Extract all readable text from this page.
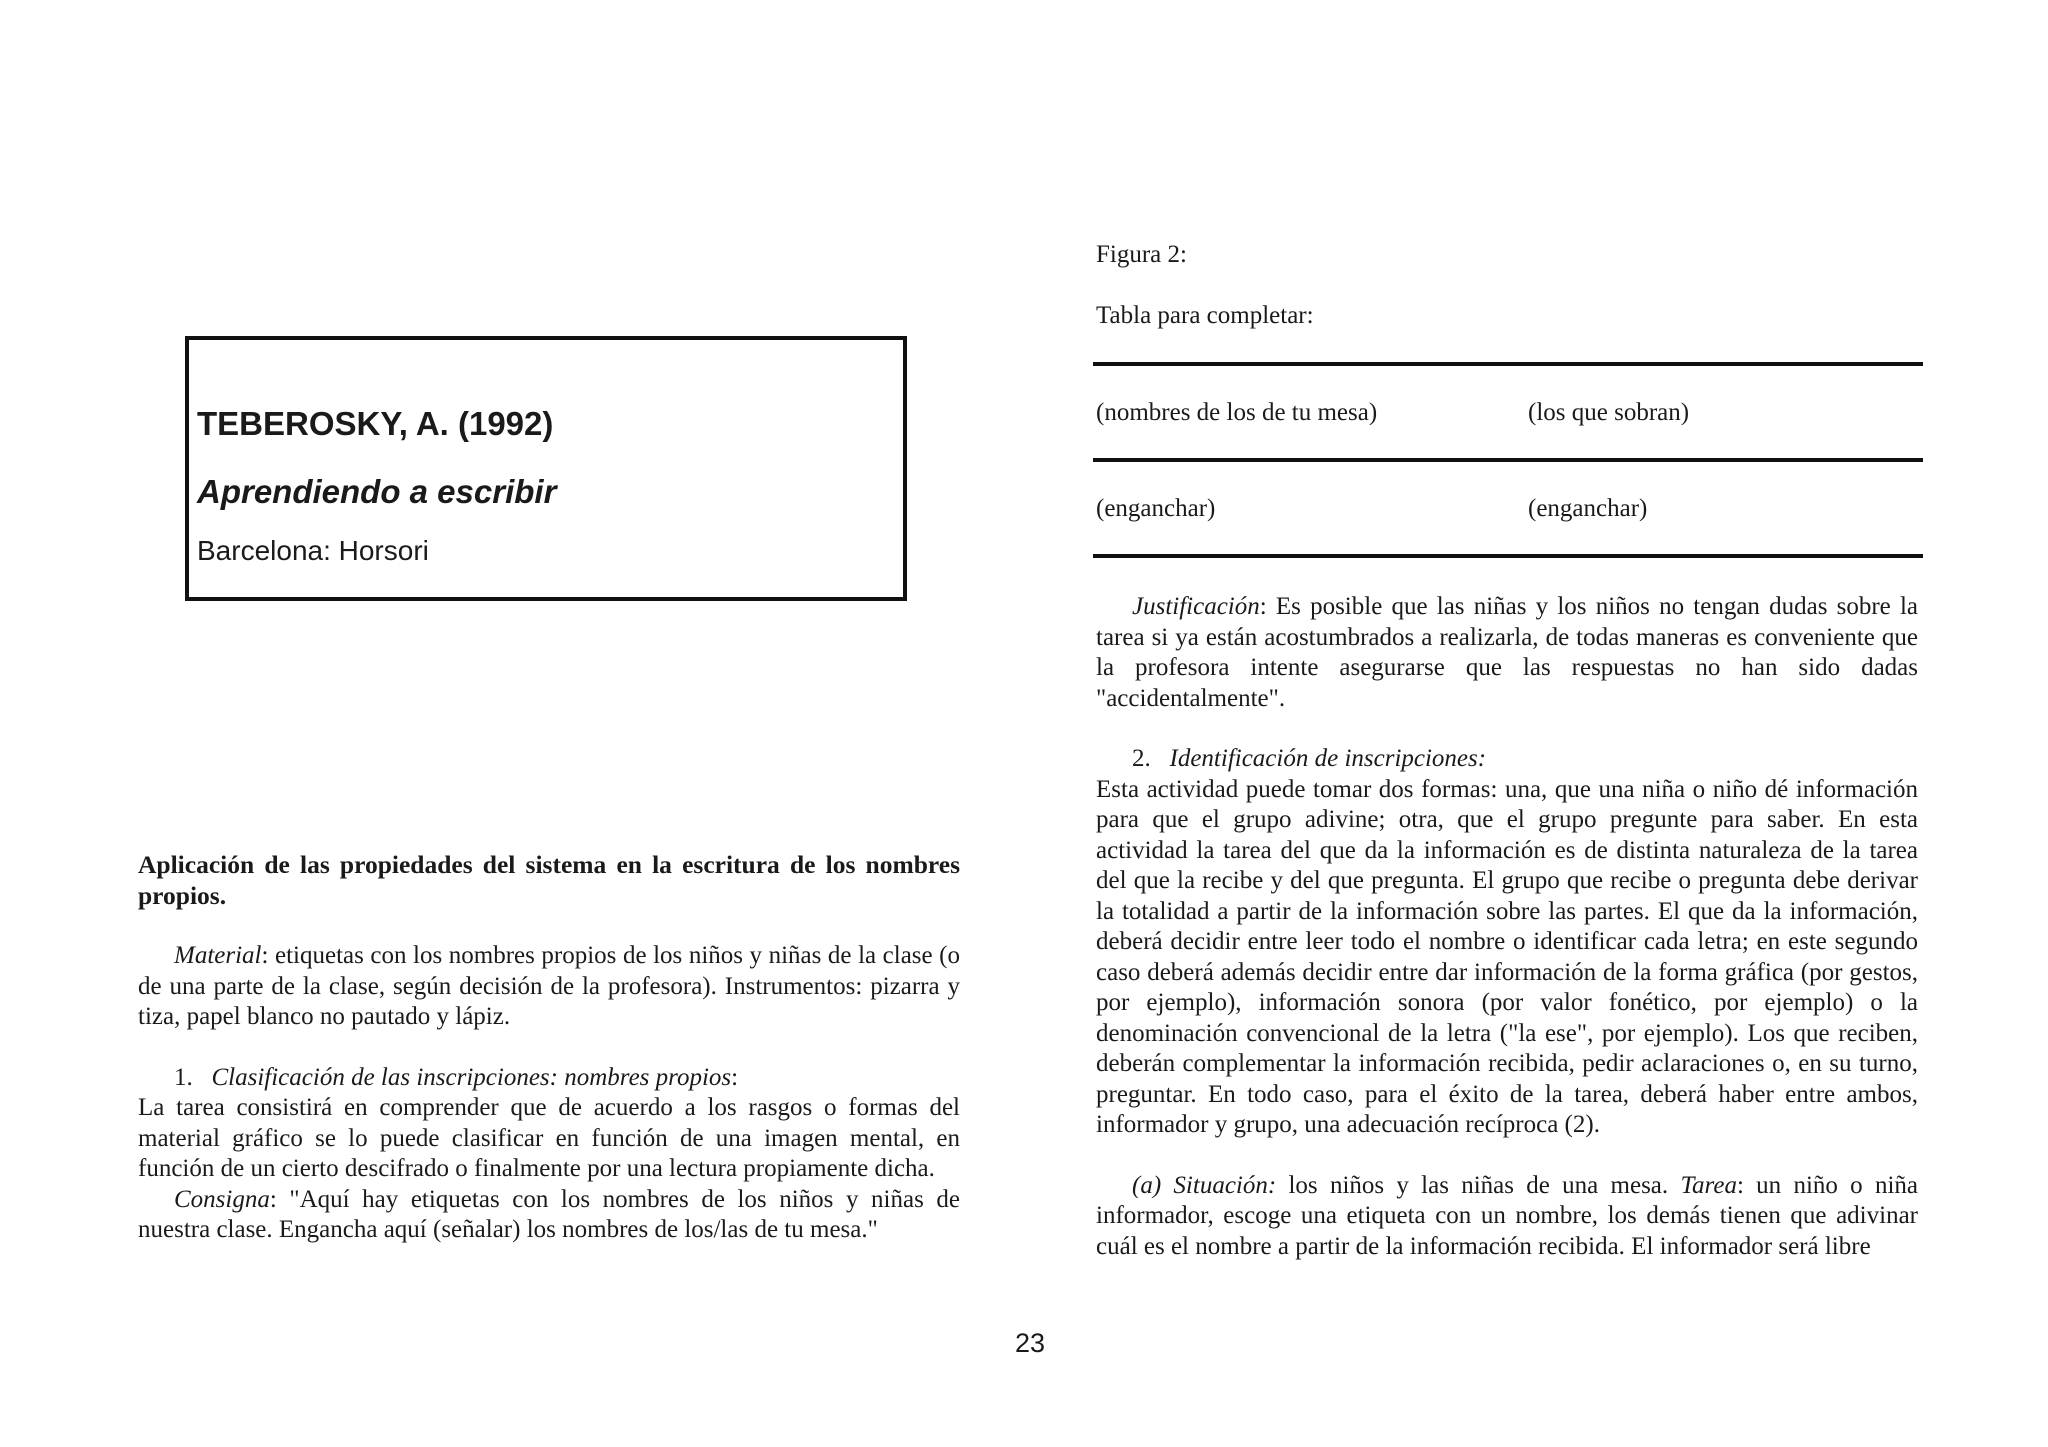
TEBEROSKY, A. (1992)
Aprendiendo a escribir
Barcelona: Horsori

Aplicación de las propiedades del sistema en la escritura de los nombres propios.

Material: etiquetas con los nombres propios de los niños y niñas de la clase (o de una parte de la clase, según decisión de la profesora). Instrumentos: pizarra y tiza, papel blanco no pautado y lápiz.

1. Clasificación de las inscripciones: nombres propios:

La tarea consistirá en comprender que de acuerdo a los rasgos o formas del material gráfico se lo puede clasificar en función de una imagen mental, en función de un cierto descifrado o finalmente por una lectura propiamente dicha.

Consigna: "Aquí hay etiquetas con los nombres de los niños y niñas de nuestra clase. Engancha aquí (señalar) los nombres de los/las de tu mesa."

Figura 2:
Tabla para completar:
(nombres de los de tu mesa)	(los que sobran)
(enganchar)	(enganchar)

Justificación: Es posible que las niñas y los niños no tengan dudas sobre la tarea si ya están acostumbrados a realizarla, de todas maneras es conveniente que la profesora intente asegurarse que las respuestas no han sido dadas "accidentalmente".

2. Identificación de inscripciones:

Esta actividad puede tomar dos formas: una, que una niña o niño dé información para que el grupo adivine; otra, que el grupo pregunte para saber. En esta actividad la tarea del que da la información es de distinta naturaleza de la tarea del que la recibe y del que pregunta. El grupo que recibe o pregunta debe derivar la totalidad a partir de la información sobre las partes. El que da la información, deberá decidir entre leer todo el nombre o identificar cada letra; en este segundo caso deberá además decidir entre dar información de la forma gráfica (por gestos, por ejemplo), información sonora (por valor fonético, por ejemplo) o la denominación convencional de la letra ("la ese", por ejemplo). Los que reciben, deberán complementar la información recibida, pedir aclaraciones o, en su turno, preguntar. En todo caso, para el éxito de la tarea, deberá haber entre ambos, informador y grupo, una adecuación recíproca (2).

(a) Situación: los niños y las niñas de una mesa. Tarea: un niño o niña informador, escoge una etiqueta con un nombre, los demás tienen que adivinar cuál es el nombre a partir de la información recibida. El informador será libre

23
